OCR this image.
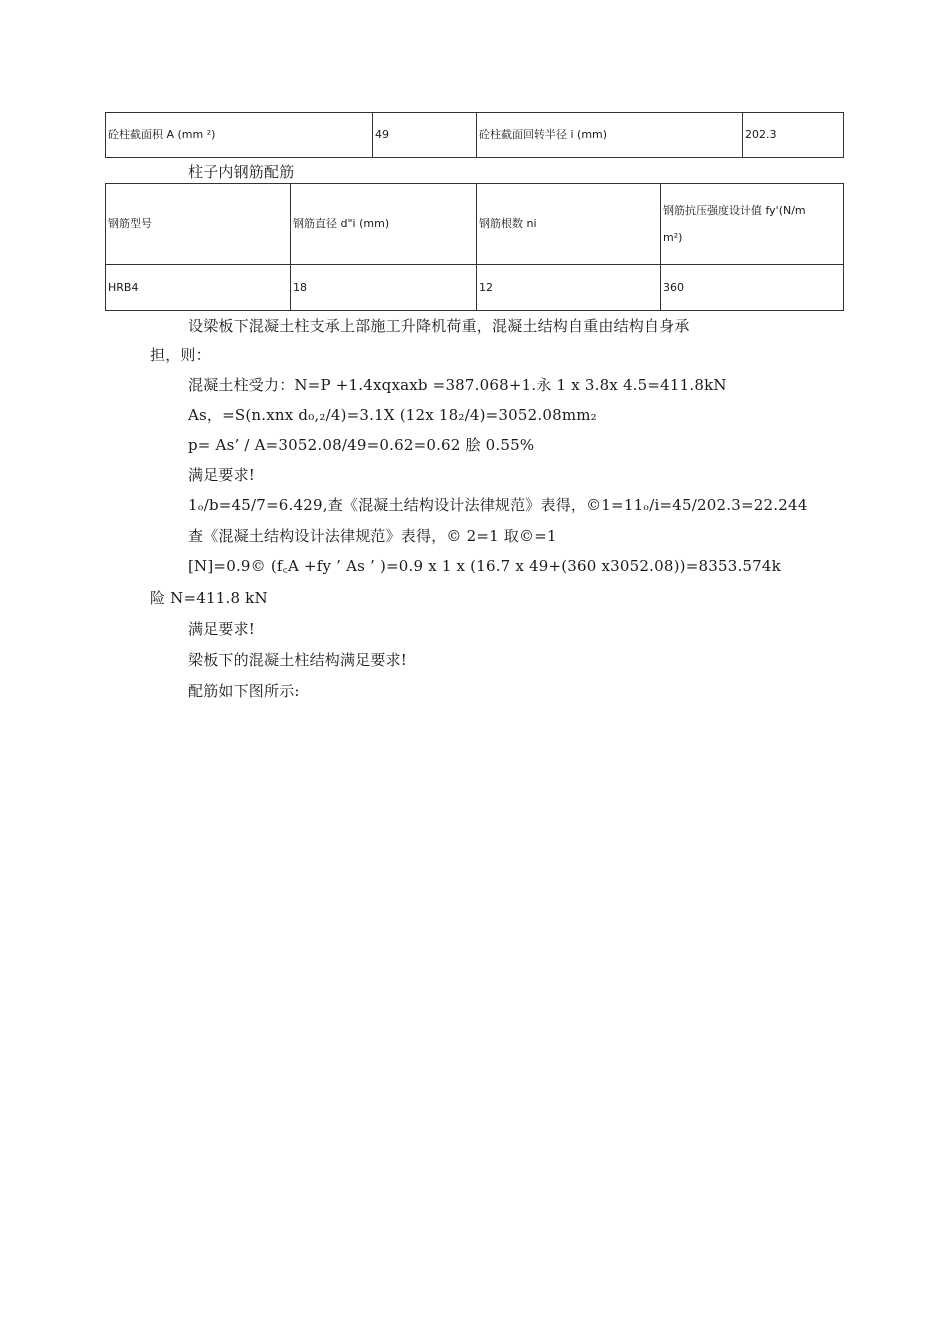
砼柱截面积 A (mm ²)	49	砼柱截面回转半径 i (mm)	202.3
柱子内钢筋配筋
钢筋型号	钢筋直径 d"i (mm)	钢筋根数 ni	钢筋抗压强度设计值 fy'(N/m

m²)
HRB4	18	12	360
设梁板下混凝土柱支承上部施工升降机荷重，混凝土结构自重由结构自身承
担，则：
混凝土柱受力：N=P +1.4xqxaxb =387.068+1.永 1 x 3.8x 4.5=411.8kN
As，=S(n.xnx d₀,₂/4)=3.1X (12x 18₂/4)=3052.08mm₂
p= As’ / A=3052.08/49=0.62=0.62 脍 0.55%
满足要求!
1ₒ/b=45/7=6.429,查《混凝土结构设计法律规范》表得，©1=11ₒ/i=45/202.3=22.244
查《混凝土结构设计法律规范》表得，© 2=1 取©=1
[N]=0.9© (f꜀A +fy ’ As ’ )=0.9 x 1 x (16.7 x 49+(360 x3052.08))=8353.574k
险 N=411.8 kN
满足要求!
梁板下的混凝土柱结构满足要求!
配筋如下图所示:
